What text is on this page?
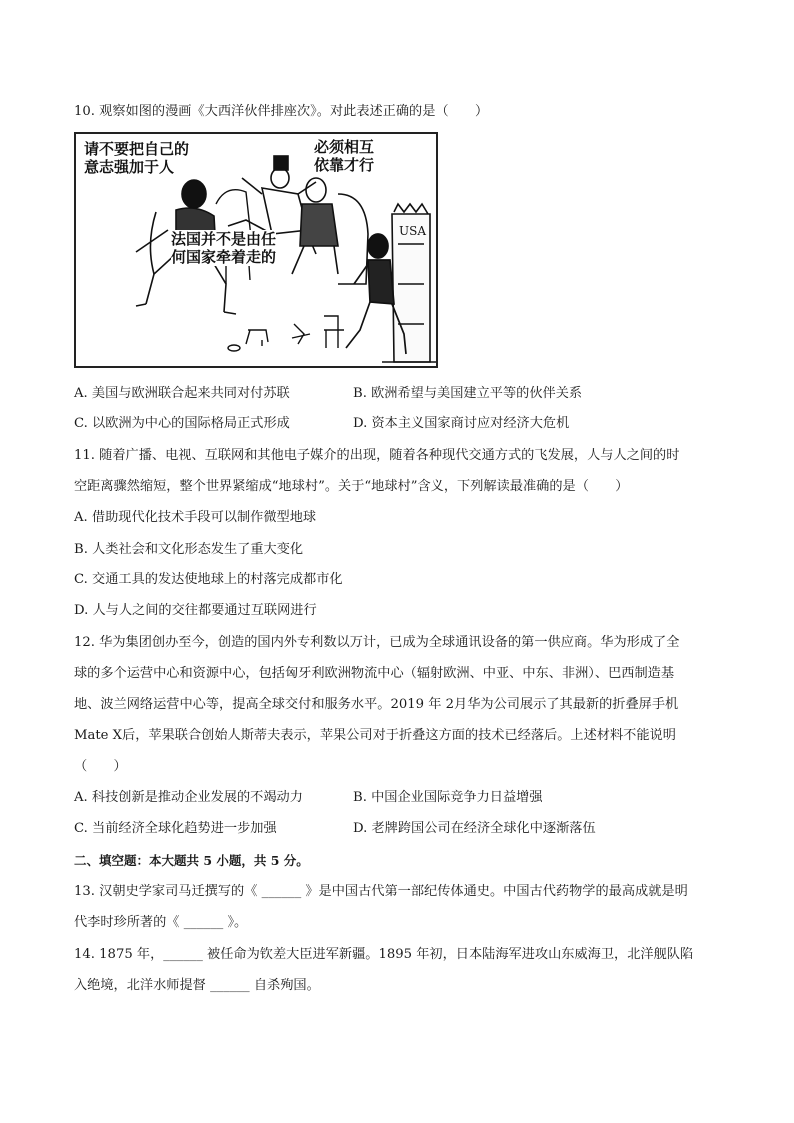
10. 观察如图的漫画《大西洋伙伴排座次》。对此表述正确的是（　　）
请不要把自己的
意志强加于人
必须相互
依靠才行
法国并不是由任
何国家牵着走的
USA
A. 美国与欧洲联合起来共同对付苏联	B. 欧洲希望与美国建立平等的伙伴关系
C. 以欧洲为中心的国际格局正式形成	D. 资本主义国家商讨应对经济大危机
11. 随着广播、电视、互联网和其他电子媒介的出现，随着各种现代交通方式的飞发展，人与人之间的时
空距离骤然缩短，整个世界紧缩成“地球村”。关于“地球村”含义，下列解读最准确的是（　　）
A. 借助现代化技术手段可以制作微型地球
B. 人类社会和文化形态发生了重大变化
C. 交通工具的发达使地球上的村落完成都市化
D. 人与人之间的交往都要通过互联网进行
12. 华为集团创办至今，创造的国内外专利数以万计，已成为全球通讯设备的第一供应商。华为形成了全
球的多个运营中心和资源中心，包括匈牙利欧洲物流中心（辐射欧洲、中亚、中东、非洲）、巴西制造基
地、波兰网络运营中心等，提高全球交付和服务水平。2019 年 2月华为公司展示了其最新的折叠屏手机
Mate X后，苹果联合创始人斯蒂夫表示，苹果公司对于折叠这方面的技术已经落后。上述材料不能说明
（　　）
A. 科技创新是推动企业发展的不竭动力	B. 中国企业国际竞争力日益增强
C. 当前经济全球化趋势进一步加强	D. 老牌跨国公司在经济全球化中逐渐落伍
二、填空题：本大题共 5 小题，共 5 分。
13. 汉朝史学家司马迁撰写的《 ______ 》是中国古代第一部纪传体通史。中国古代药物学的最高成就是明
代李时珍所著的《 ______ 》。
14. 1875 年，______ 被任命为钦差大臣进军新疆。1895 年初，日本陆海军进攻山东威海卫，北洋舰队陷
入绝境，北洋水师提督 ______ 自杀殉国。
